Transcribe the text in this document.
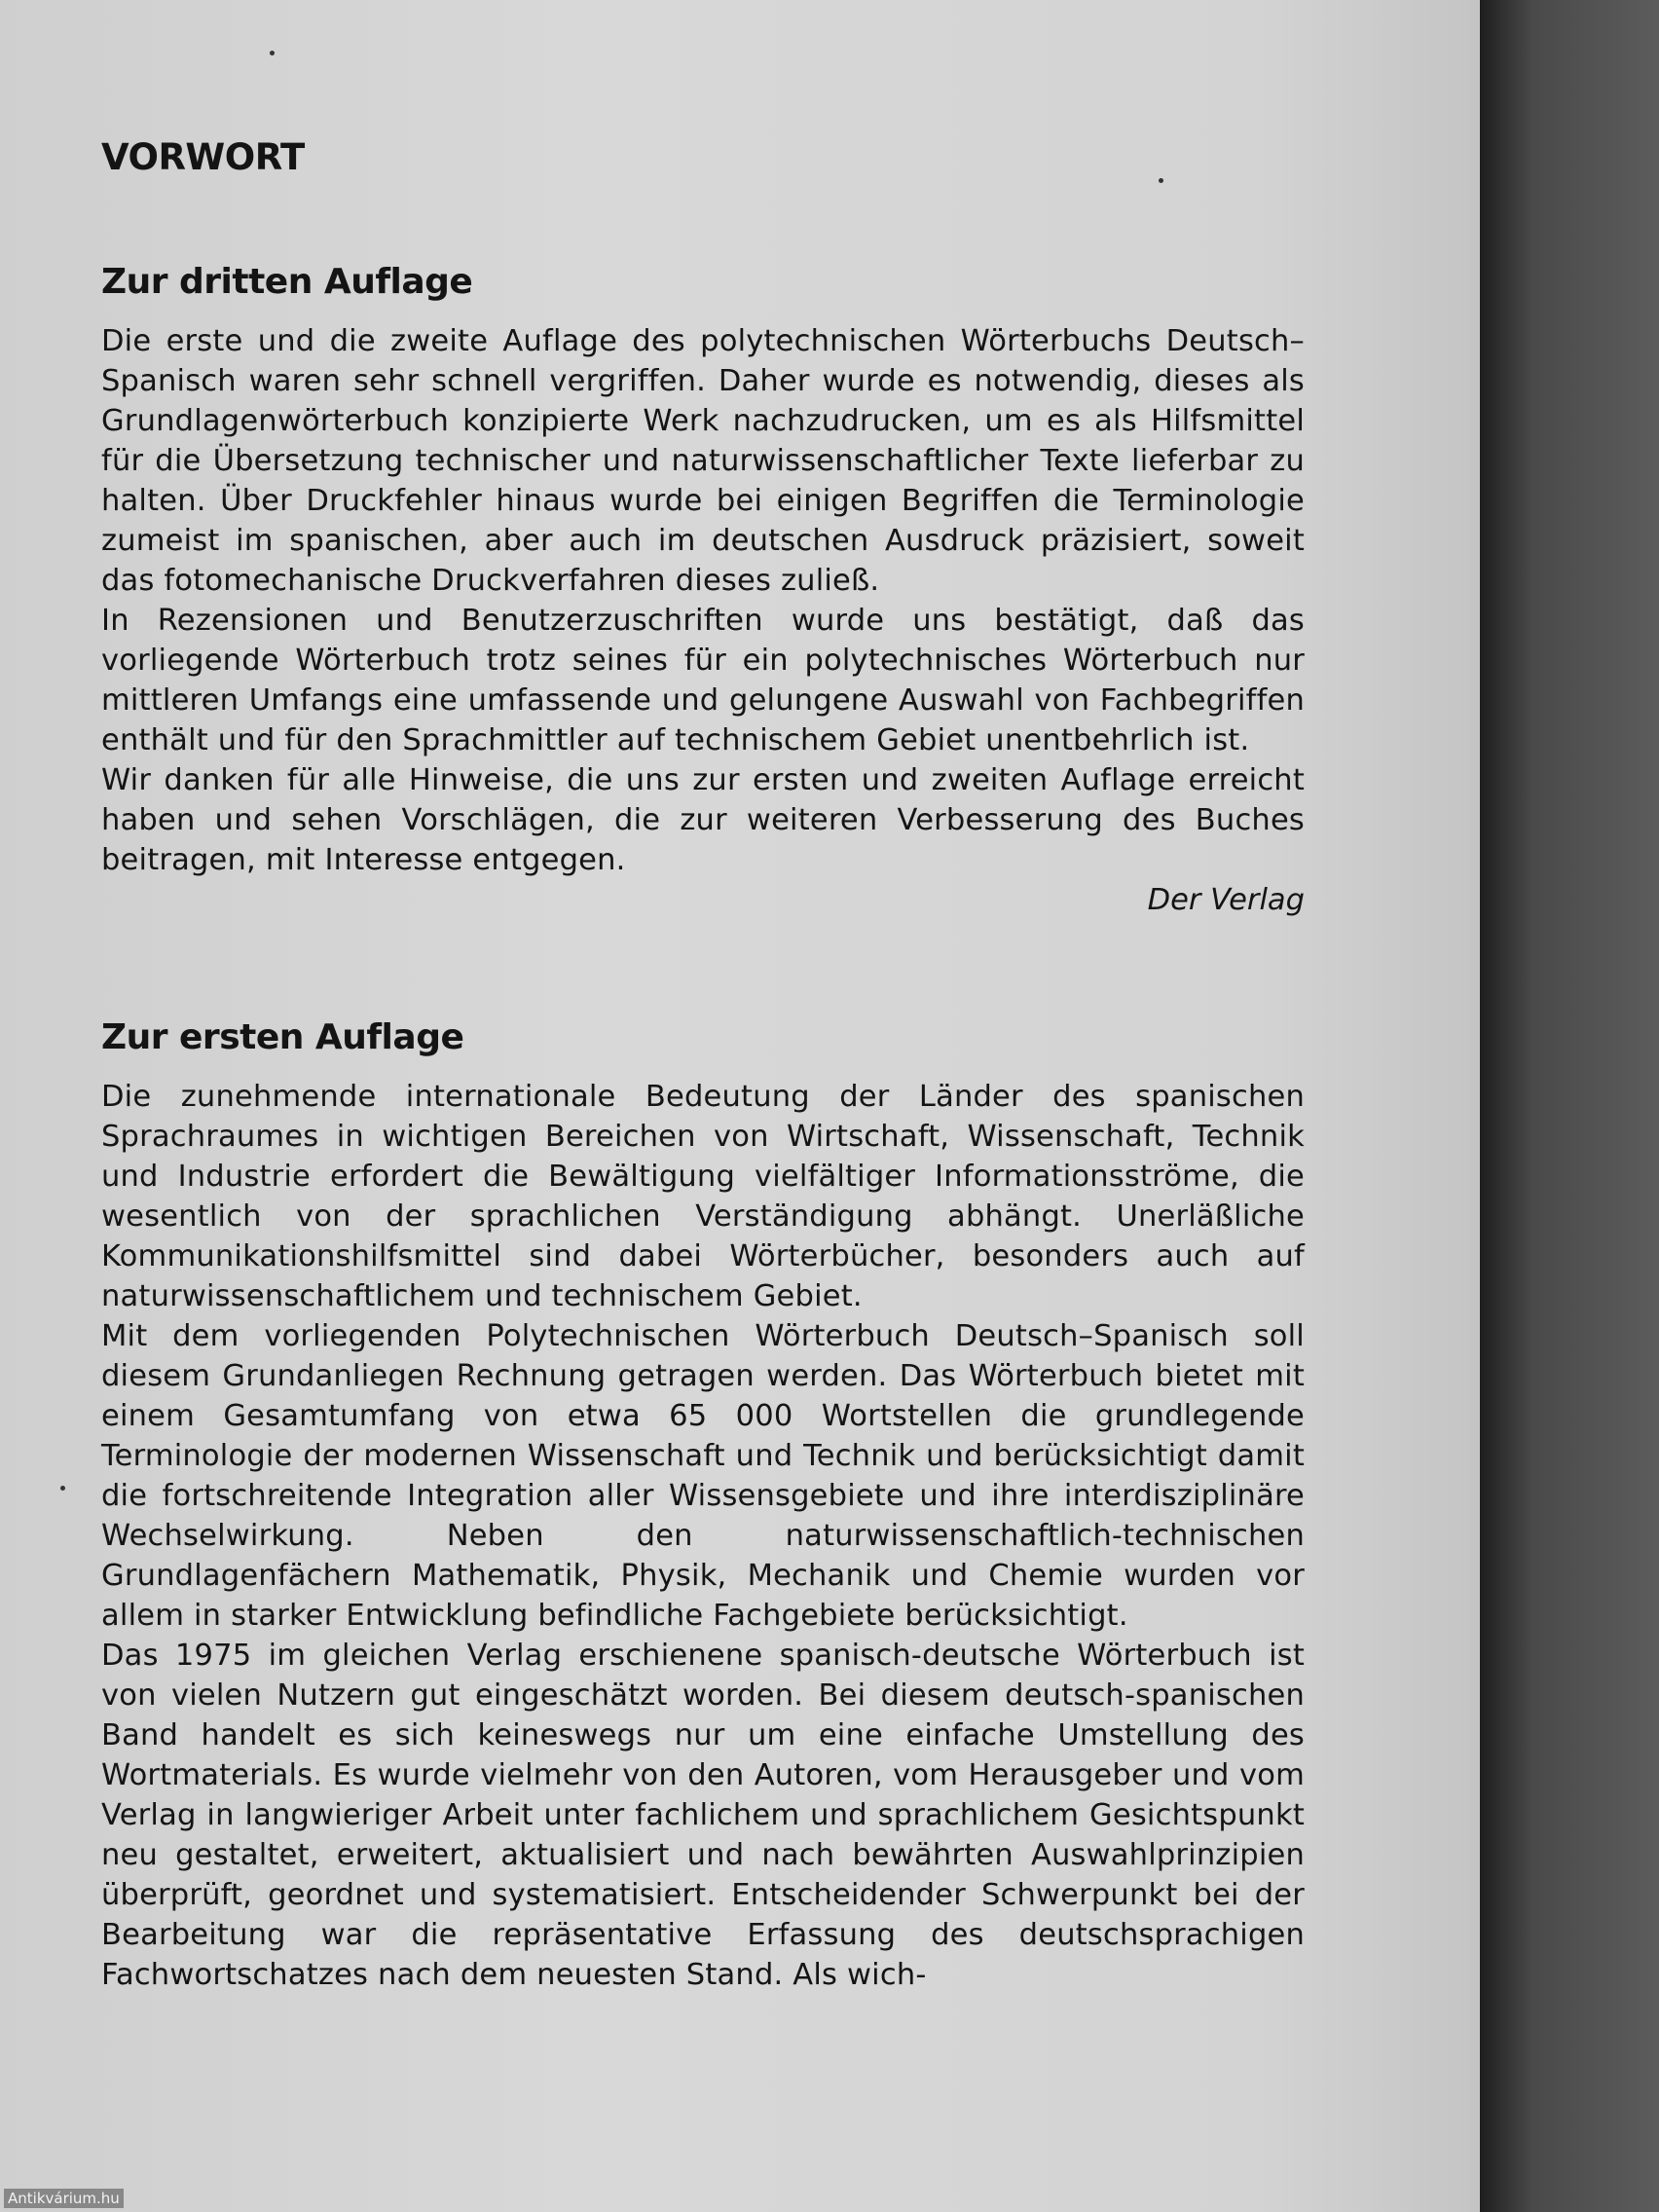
VORWORT
Zur dritten Auflage

Die erste und die zweite Auflage des polytechnischen Wörterbuchs Deutsch–Spanisch waren sehr schnell vergriffen. Daher wurde es notwendig, dieses als Grundlagenwörterbuch konzipierte Werk nachzudrucken, um es als Hilfsmittel für die Übersetzung technischer und naturwissenschaftlicher Texte lieferbar zu halten. Über Druckfehler hinaus wurde bei einigen Begriffen die Terminologie zumeist im spanischen, aber auch im deutschen Ausdruck präzisiert, soweit das fotomechanische Druckverfahren dieses zuließ.

In Rezensionen und Benutzerzuschriften wurde uns bestätigt, daß das vorliegende Wörterbuch trotz seines für ein polytechnisches Wörterbuch nur mittleren Umfangs eine umfassende und gelungene Auswahl von Fachbegriffen enthält und für den Sprachmittler auf technischem Gebiet unentbehrlich ist.

Wir danken für alle Hinweise, die uns zur ersten und zweiten Auflage erreicht haben und sehen Vorschlägen, die zur weiteren Verbesserung des Buches beitragen, mit Interesse entgegen.

Der Verlag

Zur ersten Auflage

Die zunehmende internationale Bedeutung der Länder des spanischen Sprachraumes in wichtigen Bereichen von Wirtschaft, Wissenschaft, Technik und Industrie erfordert die Bewältigung vielfältiger Informationsströme, die wesentlich von der sprachlichen Verständigung abhängt. Unerläßliche Kommunikationshilfsmittel sind dabei Wörterbücher, besonders auch auf naturwissenschaftlichem und technischem Gebiet.

Mit dem vorliegenden Polytechnischen Wörterbuch Deutsch–Spanisch soll diesem Grundanliegen Rechnung getragen werden. Das Wörterbuch bietet mit einem Gesamtumfang von etwa 65 000 Wortstellen die grundlegende Terminologie der modernen Wissenschaft und Technik und berücksichtigt damit die fortschreitende Integration aller Wissensgebiete und ihre interdisziplinäre Wechselwirkung. Neben den naturwissenschaftlich-technischen Grundlagenfächern Mathematik, Physik, Mechanik und Chemie wurden vor allem in starker Entwicklung befindliche Fachgebiete berücksichtigt.

Das 1975 im gleichen Verlag erschienene spanisch-deutsche Wörterbuch ist von vielen Nutzern gut eingeschätzt worden. Bei diesem deutsch-spanischen Band handelt es sich keineswegs nur um eine einfache Umstellung des Wortmaterials. Es wurde vielmehr von den Autoren, vom Herausgeber und vom Verlag in langwieriger Arbeit unter fachlichem und sprachlichem Gesichtspunkt neu gestaltet, erweitert, aktualisiert und nach bewährten Auswahlprinzipien überprüft, geordnet und systematisiert. Entscheidender Schwerpunkt bei der Bearbeitung war die repräsentative Erfassung des deutschsprachigen Fachwortschatzes nach dem neuesten Stand. Als wich-

Antikvárium.hu
